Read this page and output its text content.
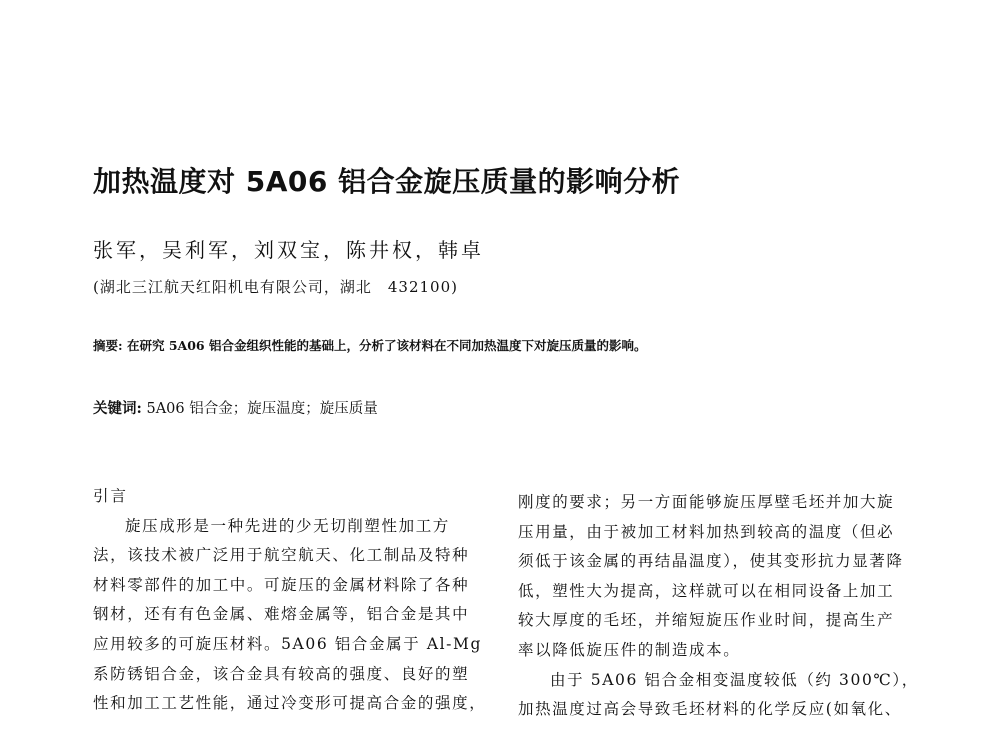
加热温度对 5A06 铝合金旋压质量的影响分析
张军，吴利军，刘双宝，陈井权，韩卓
(湖北三江航天红阳机电有限公司，湖北　432100)
摘要: 在研究 5A06 铝合金组织性能的基础上，分析了该材料在不同加热温度下对旋压质量的影响。
关键词: 5A06 铝合金；旋压温度；旋压质量
引言
旋压成形是一种先进的少无切削塑性加工方
法，该技术被广泛用于航空航天、化工制品及特种
材料零部件的加工中。可旋压的金属材料除了各种
钢材，还有有色金属、难熔金属等，铝合金是其中
应用较多的可旋压材料。5A06 铝合金属于 Al-Mg
系防锈铝合金，该合金具有较高的强度、良好的塑
性和加工工艺性能，通过冷变形可提高合金的强度，
刚度的要求；另一方面能够旋压厚壁毛坯并加大旋
压用量，由于被加工材料加热到较高的温度（但必
须低于该金属的再结晶温度），使其变形抗力显著降
低，塑性大为提高，这样就可以在相同设备上加工
较大厚度的毛坯，并缩短旋压作业时间，提高生产
率以降低旋压件的制造成本。
由于 5A06 铝合金相变温度较低（约 300℃），
加热温度过高会导致毛坯材料的化学反应(如氧化、
